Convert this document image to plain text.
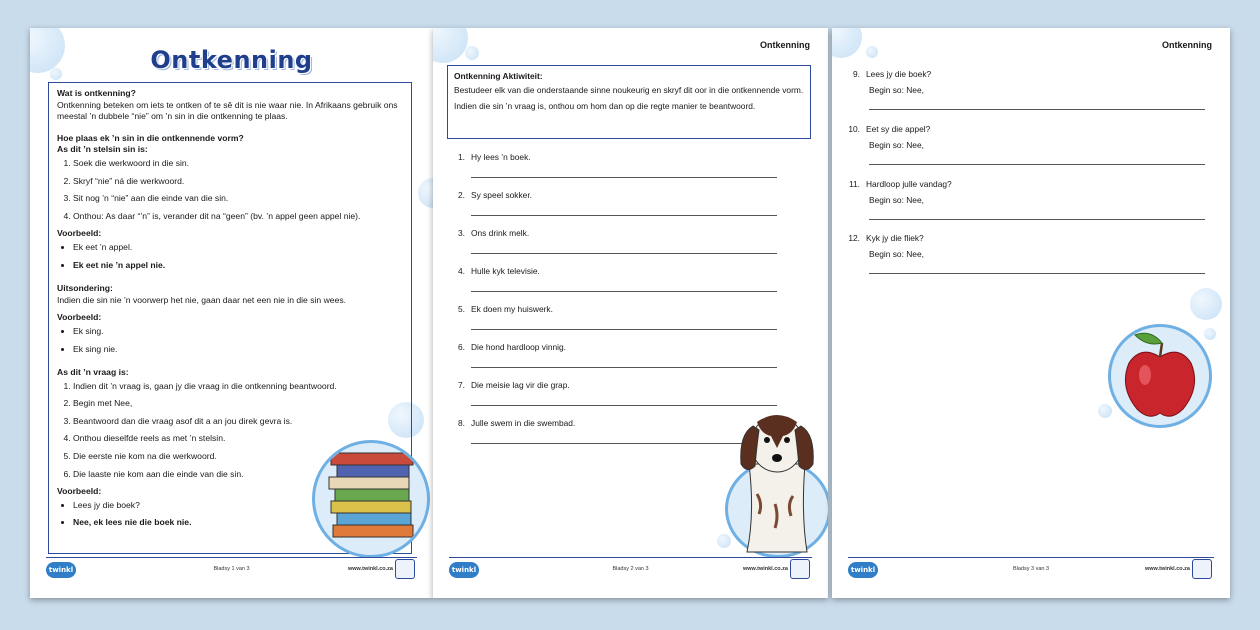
Ontkenning

Wat is ontkenning?

Ontkenning beteken om iets te ontken of te sê dit is nie waar nie. In Afrikaans gebruik ons meestal ’n dubbele “nie” om ’n sin in die ontkenning te plaas.

Hoe plaas ek ’n sin in die ontkennende vorm?

As dit ’n stelsin sin is:

1. Soek die werkwoord in die sin.
2. Skryf “nie” ná die werkwoord.
3. Sit nog ’n “nie” aan die einde van die sin.
4. Onthou: As daar “’n” is, verander dit na “geen” (bv. ’n appel geen appel nie).

Voorbeeld:

• Ek eet ’n appel.
• Ek eet nie ’n appel nie.

Uitsondering:

Indien die sin nie ’n voorwerp het nie, gaan daar net een nie in die sin wees.

Voorbeeld:

• Ek sing.
• Ek sing nie.

As dit ’n vraag is:

1. Indien dit ’n vraag is, gaan jy die vraag in die ontkenning beantwoord.
2. Begin met Nee,
3. Beantwoord dan die vraag asof dit a an jou direk gevra is.
4. Onthou dieselfde reels as met ’n stelsin.
5. Die eerste nie kom na die werkwoord.
6. Die laaste nie kom aan die einde van die sin.

Voorbeeld:

• Lees jy die boek?
• Nee, ek lees nie die boek nie.
twinkl	Bladsy 1 van 3	www.twinkl.co.za
Ontkenning

Ontkenning Aktiwiteit:

Bestudeer elk van die onderstaande sinne noukeurig en skryf dit oor in die ontkennende vorm.

Indien die sin ’n vraag is, onthou om hom dan op die regte manier te beantwoord.

1. Hy lees ’n boek.
2. Sy speel sokker.
3. Ons drink melk.
4. Hulle kyk televisie.
5. Ek doen my huiswerk.
6. Die hond hardloop vinnig.
7. Die meisie lag vir die grap.
8. Julle swem in die swembad.
twinkl	Bladsy 2 van 3	www.twinkl.co.za
Ontkenning
9. Lees jy die boek?
Begin so: Nee,
10. Eet sy die appel?
Begin so: Nee,
11. Hardloop julle vandag?
Begin so: Nee,
12. Kyk jy die fliek?
Begin so: Nee,
twinkl	Bladsy 3 van 3	www.twinkl.co.za
